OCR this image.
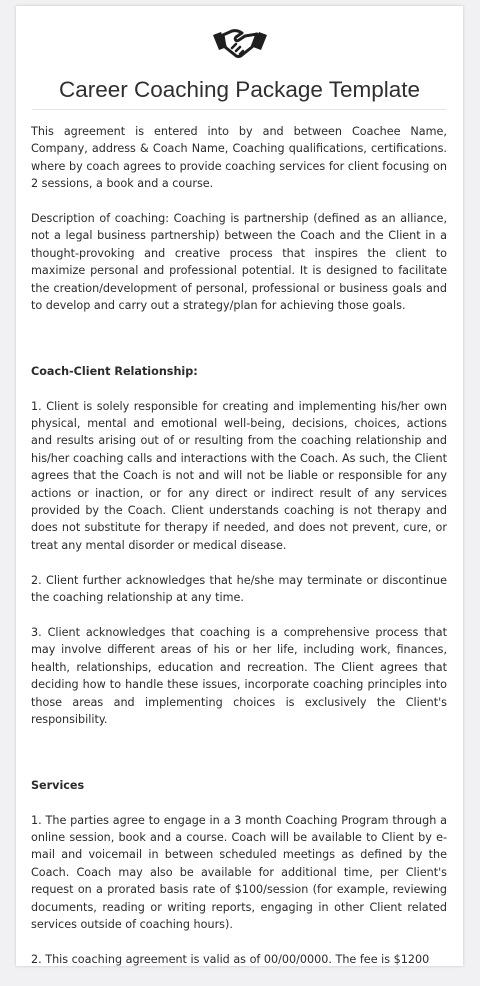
Career Coaching Package Template

This agreement is entered into by and between Coachee Name, Company, address & Coach Name, Coaching qualifications, certifications. where by coach agrees to provide coaching services for client focusing on 2 sessions, a book and a course.

Description of coaching: Coaching is partnership (defined as an alliance, not a legal business partnership) between the Coach and the Client in a thought-provoking and creative process that inspires the client to maximize personal and professional potential. It is designed to facilitate the creation/development of personal, professional or business goals and to develop and carry out a strategy/plan for achieving those goals.

Coach-Client Relationship:

1. Client is solely responsible for creating and implementing his/her own physical, mental and emotional well-being, decisions, choices, actions and results arising out of or resulting from the coaching relationship and his/her coaching calls and interactions with the Coach. As such, the Client agrees that the Coach is not and will not be liable or responsible for any actions or inaction, or for any direct or indirect result of any services provided by the Coach. Client understands coaching is not therapy and does not substitute for therapy if needed, and does not prevent, cure, or treat any mental disorder or medical disease.

2. Client further acknowledges that he/she may terminate or discontinue the coaching relationship at any time.

3. Client acknowledges that coaching is a comprehensive process that may involve different areas of his or her life, including work, finances, health, relationships, education and recreation. The Client agrees that deciding how to handle these issues, incorporate coaching principles into those areas and implementing choices is exclusively the Client's responsibility.

Services

1. The parties agree to engage in a 3 month Coaching Program through a online session, book and a course. Coach will be available to Client by e-mail and voicemail in between scheduled meetings as defined by the Coach. Coach may also be available for additional time, per Client's request on a prorated basis rate of $100/session (for example, reviewing documents, reading or writing reports, engaging in other Client related services outside of coaching hours).

2. This coaching agreement is valid as of 00/00/0000. The fee is $1200
